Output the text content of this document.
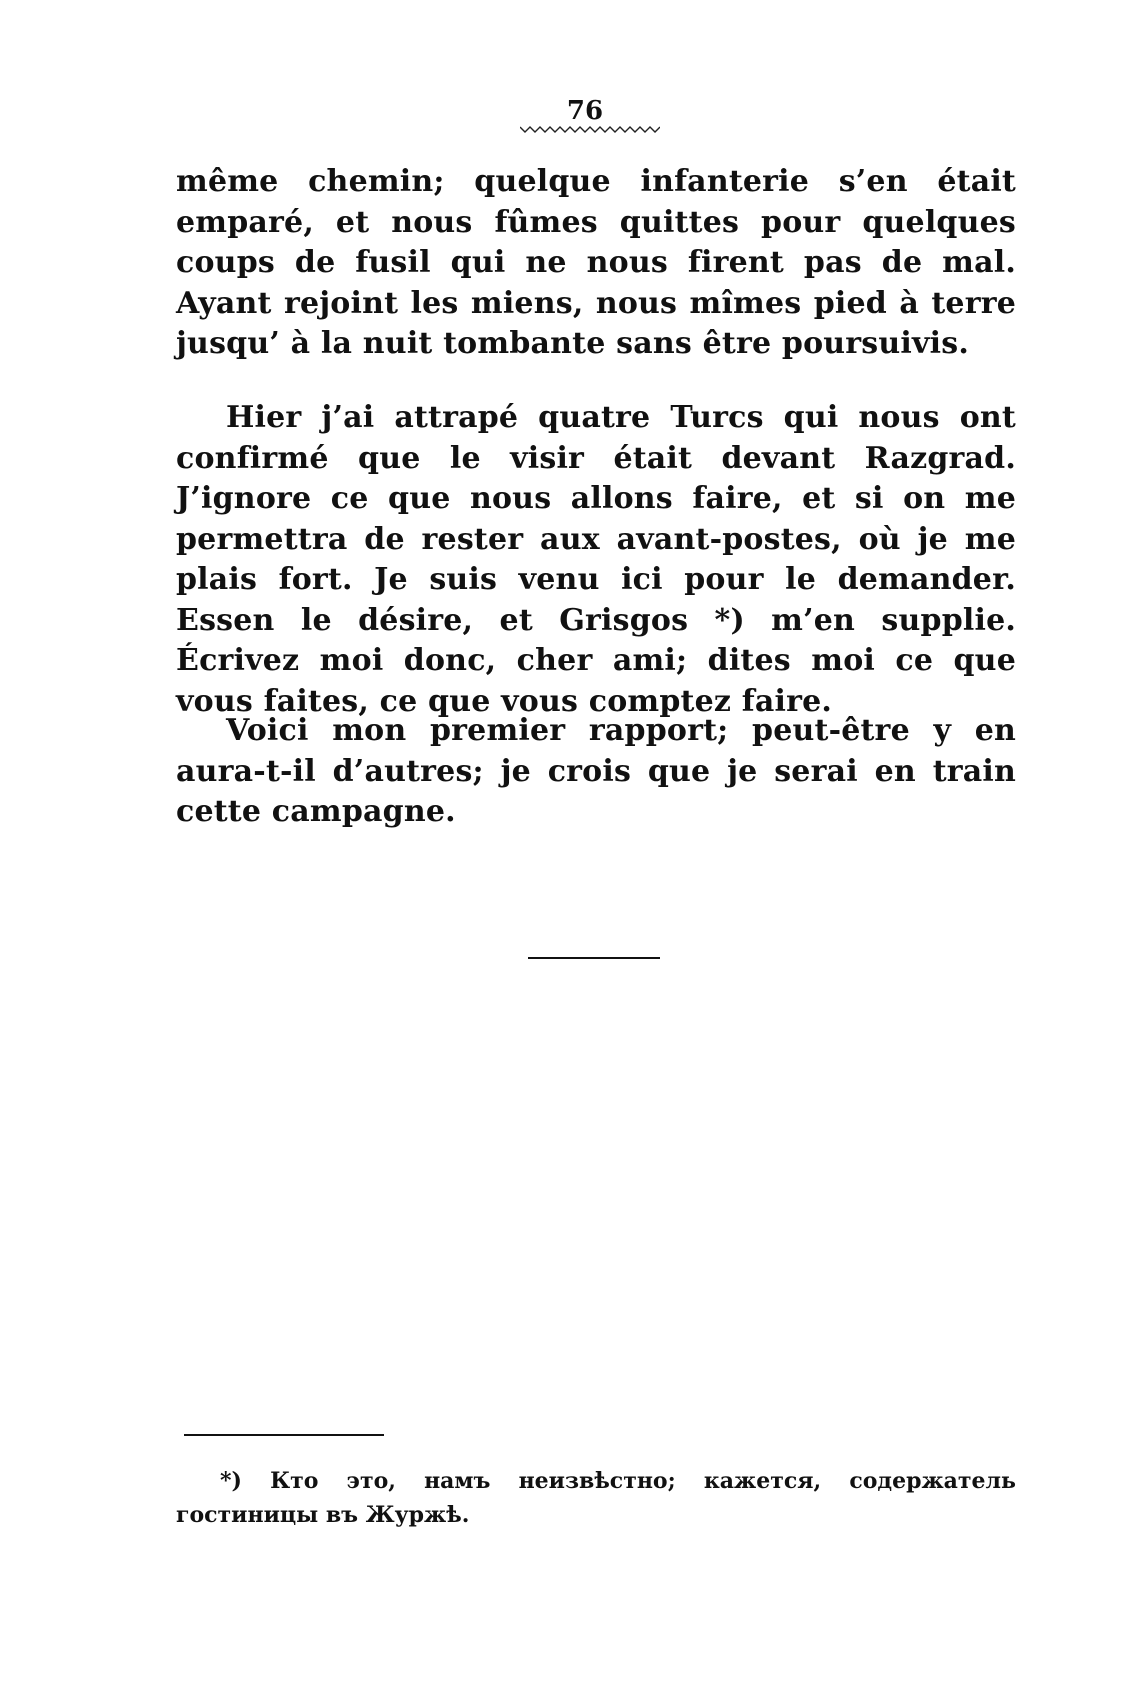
76
même chemin; quelque infanterie s’en était emparé, et nous fûmes quittes pour quelques coups de fusil qui ne nous firent pas de mal. Ayant rejoint les miens, nous mîmes pied à terre jusqu’ à la nuit tombante sans être poursuivis.
Hier j’ai attrapé quatre Turcs qui nous ont confirmé que le visir était devant Razgrad. J’ignore ce que nous allons faire, et si on me permettra de rester aux avant-postes, où je me plais fort. Je suis venu ici pour le demander. Essen le désire, et Grisgos *) m’en supplie. Écrivez moi donc, cher ami; dites moi ce que vous faites, ce que vous comptez faire.
Voici mon premier rapport; peut-être y en aura-t-il d’autres; je crois que je serai en train cette campagne.
*) Кто это, намъ неизвѣстно; кажется, содержатель гостиницы въ Журжѣ.
